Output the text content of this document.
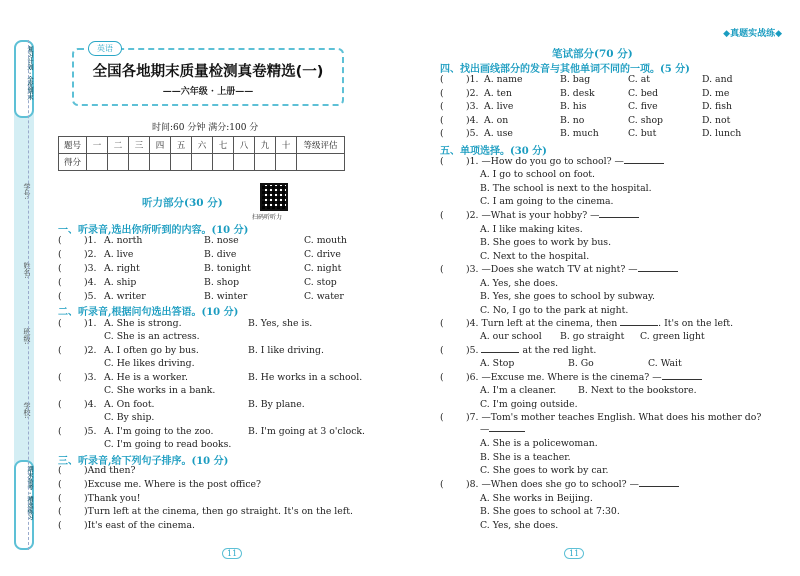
复习计划 · 全优期末
期末备考 · 精选练习
学号:
姓名:
班级:
学校:
英语
全国各地期末质量检测真卷精选(一)
——六年级 · 上册——
时间:60 分钟 满分:100 分
◆真题实战练◆
题号	一	二	三	四	五	六	七	八	九	十	等级评估
得分											
听力部分(30 分)
扫码听听力
一、听录音,选出你所听到的内容。(10 分)
( )1. A. north	B. nose	C. mouth
( )2. A. live	B. dive	C. drive
( )3. A. right	B. tonight	C. night
( )4. A. ship	B. shop	C. stop
( )5. A. writer	B. winter	C. water
二、听录音,根据问句选出答语。(10 分)
( )1. A. She is strong.	B. Yes, she is.
C. She is an actress.
( )2. A. I often go by bus.	B. I like driving.
C. He likes driving.
( )3. A. He is a worker.	B. He works in a school.
C. She works in a bank.
( )4. A. On foot.	B. By plane.
C. By ship.
( )5. A. I'm going to the zoo.	B. I'm going at 3 o'clock.
C. I'm going to read books.
三、听录音,给下列句子排序。(10 分)
( )And then?
( )Excuse me. Where is the post office?
( )Thank you!
( )Turn left at the cinema, then go straight. It's on the left.
( )It's east of the cinema.
笔试部分(70 分)
四、找出画线部分的发音与其他单词不同的一项。(5 分)
( )1. A. name	B. bag	C. at	D. and
( )2. A. ten	B. desk	C. bed	D. me
( )3. A. live	B. his	C. five	D. fish
( )4. A. on	B. no	C. shop	D. not
( )5. A. use	B. much	C. but	D. lunch
五、单项选择。(30 分)
( )1. —How do you go to school? —
A. I go to school on foot.
B. The school is next to the hospital.
C. I am going to the cinema.
( )2. —What is your hobby? —
A. I like making kites.
B. She goes to work by bus.
C. Next to the hospital.
( )3. —Does she watch TV at night? —
A. Yes, she does.
B. Yes, she goes to school by subway.
C. No, I go to the park at night.
( )4. Turn left at the cinema, then	. It's on the left.
A. our school B. go straight C. green light
( )5.	at the red light.
A. Stop	B. Go	C. Wait
( )6. —Excuse me. Where is the cinema? —
A. I'm a cleaner. B. Next to the bookstore.
C. I'm going outside.
( )7. —Tom's mother teaches English. What does his mother do?
—
A. She is a policewoman.
B. She is a teacher.
C. She goes to work by car.
( )8. —When does she go to school? —
A. She works in Beijing.
B. She goes to school at 7:30.
C. Yes, she does.
11	11
